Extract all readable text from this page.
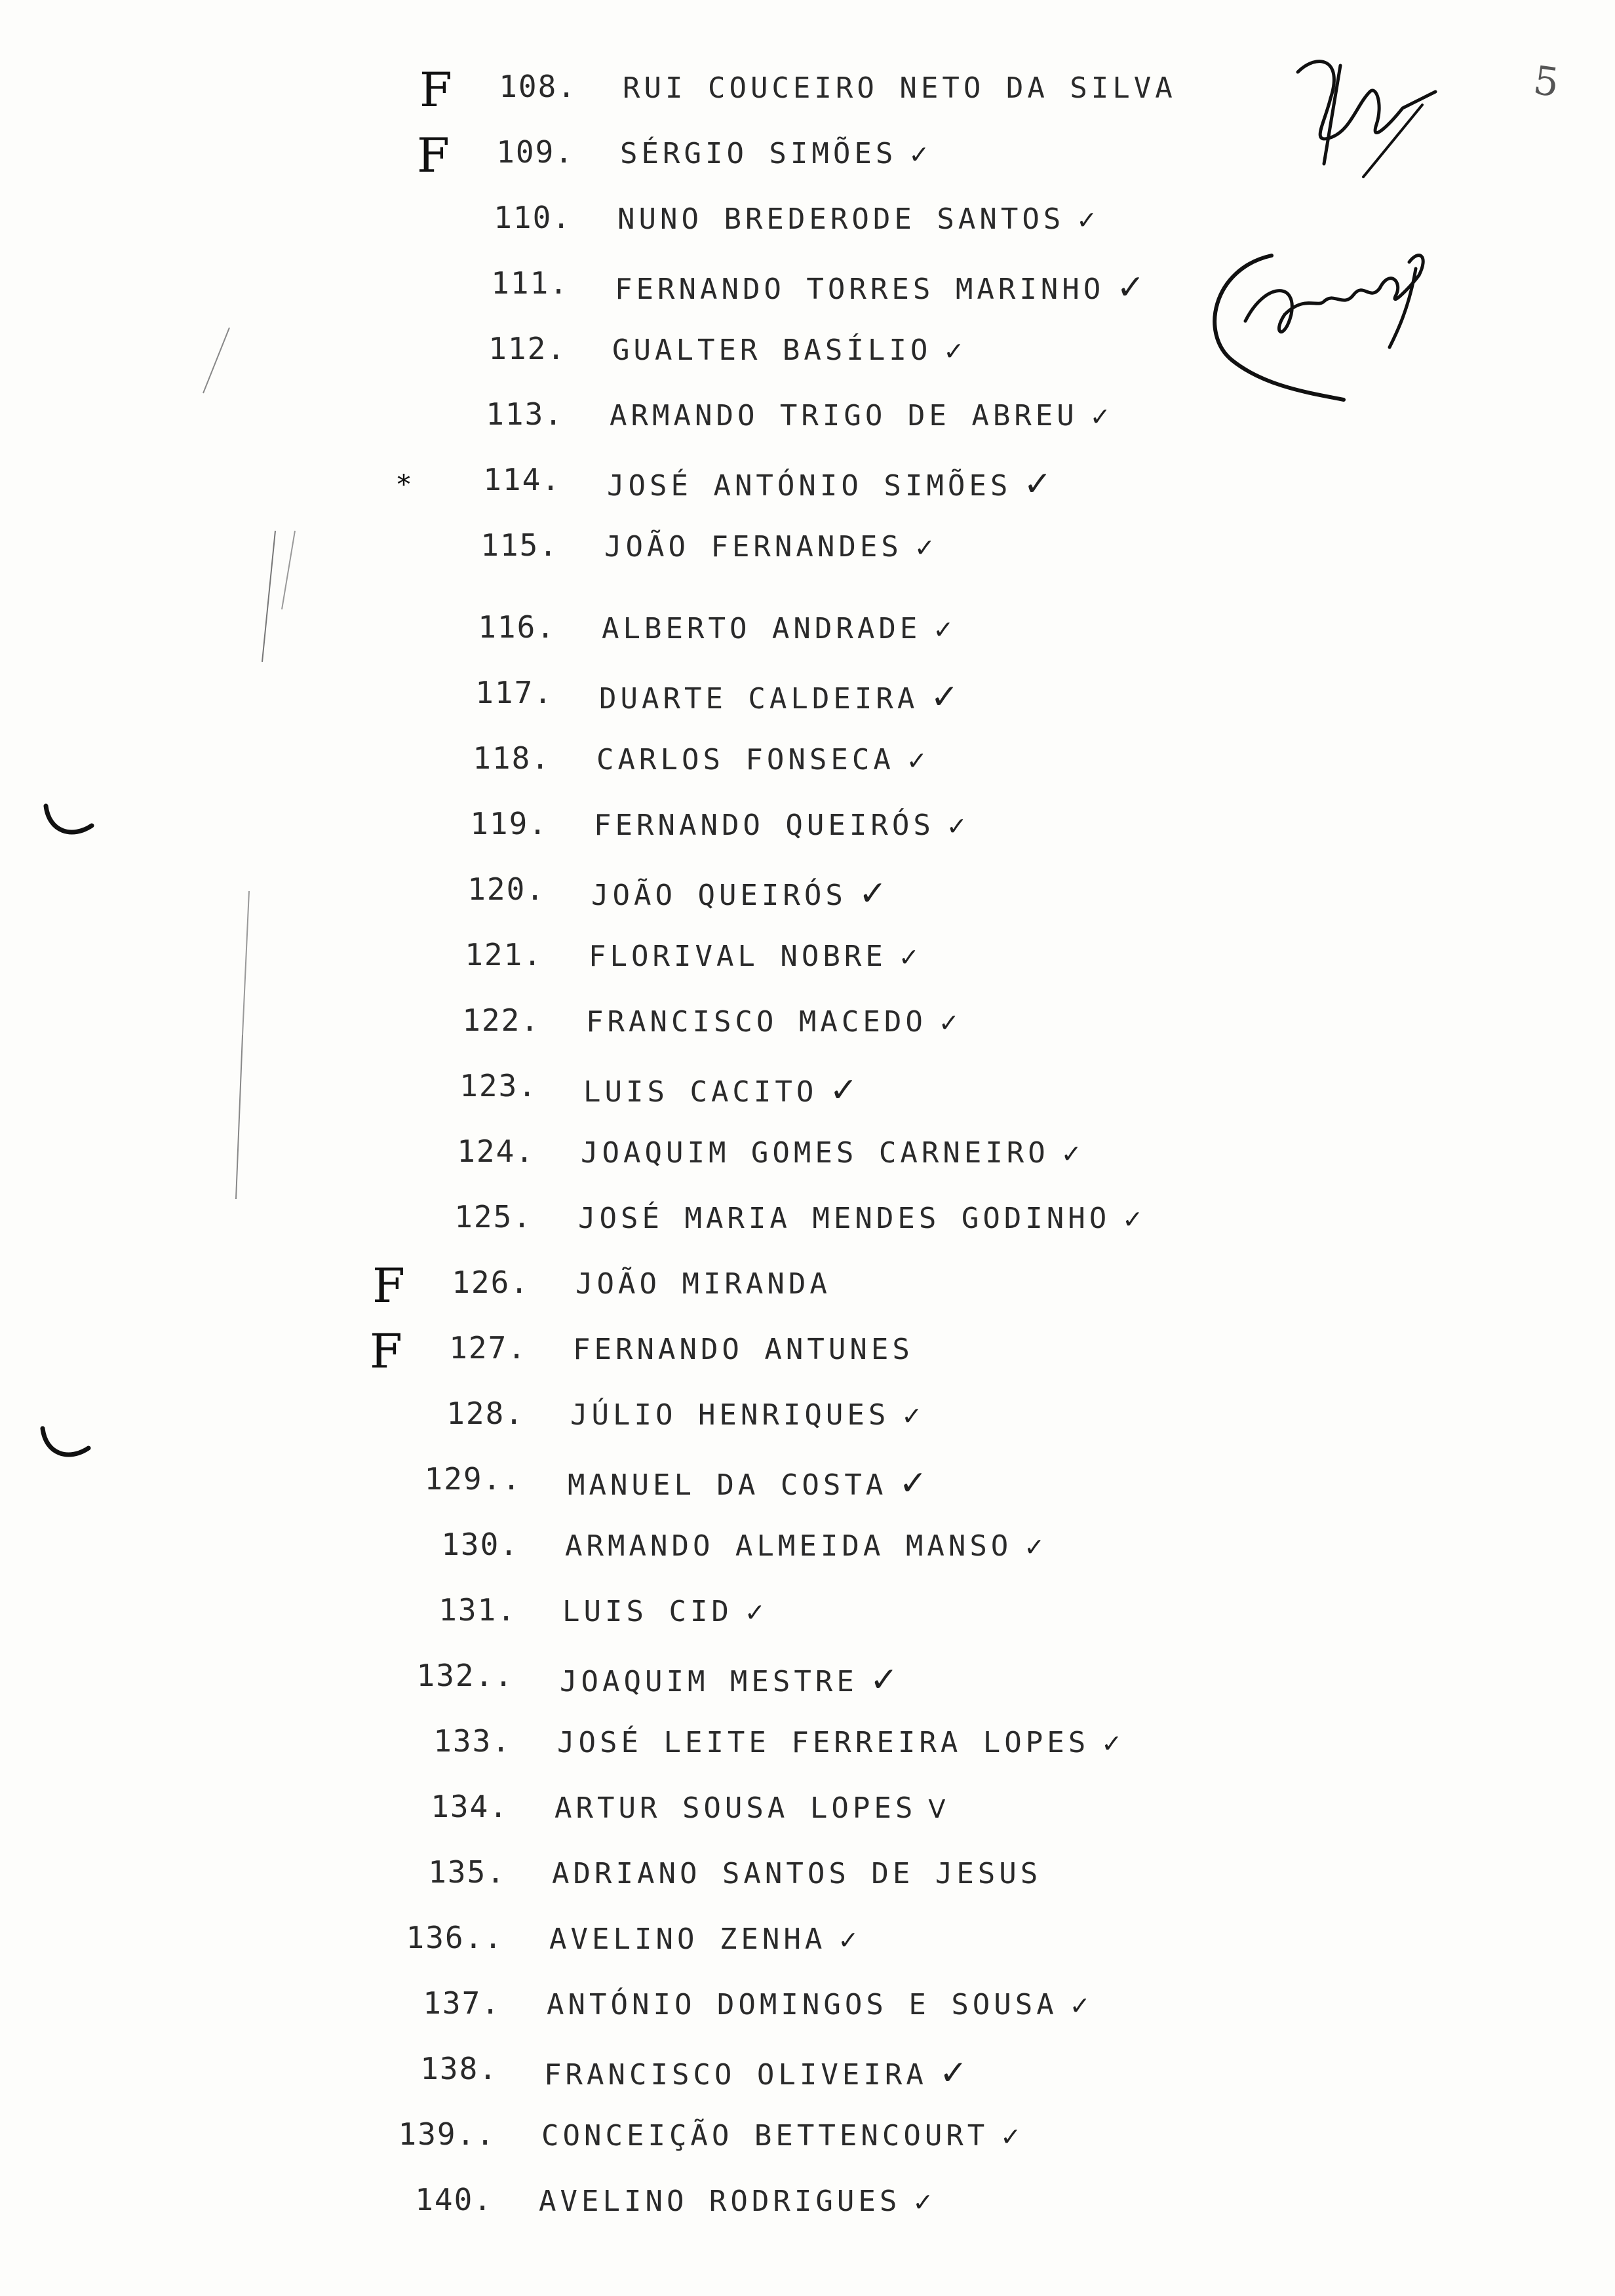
5
F	108. RUI COUCEIRO NETO DA SILVA
F	109. SÉRGIO SIMÕES ✓
110. NUNO BREDERODE SANTOS ✓
111. FERNANDO TORRES MARINHO ✓
112. GUALTER BASÍLIO ✓
113. ARMANDO TRIGO DE ABREU ✓
*	114. JOSÉ ANTÓNIO SIMÕES ✓
115. JOÃO FERNANDES ✓
116. ALBERTO ANDRADE ✓
117. DUARTE CALDEIRA ✓
118. CARLOS FONSECA ✓
119. FERNANDO QUEIRÓS ✓
120. JOÃO QUEIRÓS ✓
121. FLORIVAL NOBRE ✓
122. FRANCISCO MACEDO ✓
123. LUIS CACITO ✓
124. JOAQUIM GOMES CARNEIRO ✓
125. JOSÉ MARIA MENDES GODINHO ✓
F	126. JOÃO MIRANDA
F	127. FERNANDO ANTUNES
128. JÚLIO HENRIQUES ✓
129.. MANUEL DA COSTA ✓
130. ARMANDO ALMEIDA MANSO ✓
131. LUIS CID ✓
132.. JOAQUIM MESTRE ✓
133. JOSÉ LEITE FERREIRA LOPES ✓
134. ARTUR SOUSA LOPES V
135. ADRIANO SANTOS DE JESUS
136.. AVELINO ZENHA ✓
137. ANTÓNIO DOMINGOS E SOUSA ✓
138. FRANCISCO OLIVEIRA ✓
139.. CONCEIÇÃO BETTENCOURT ✓
140. AVELINO RODRIGUES ✓
